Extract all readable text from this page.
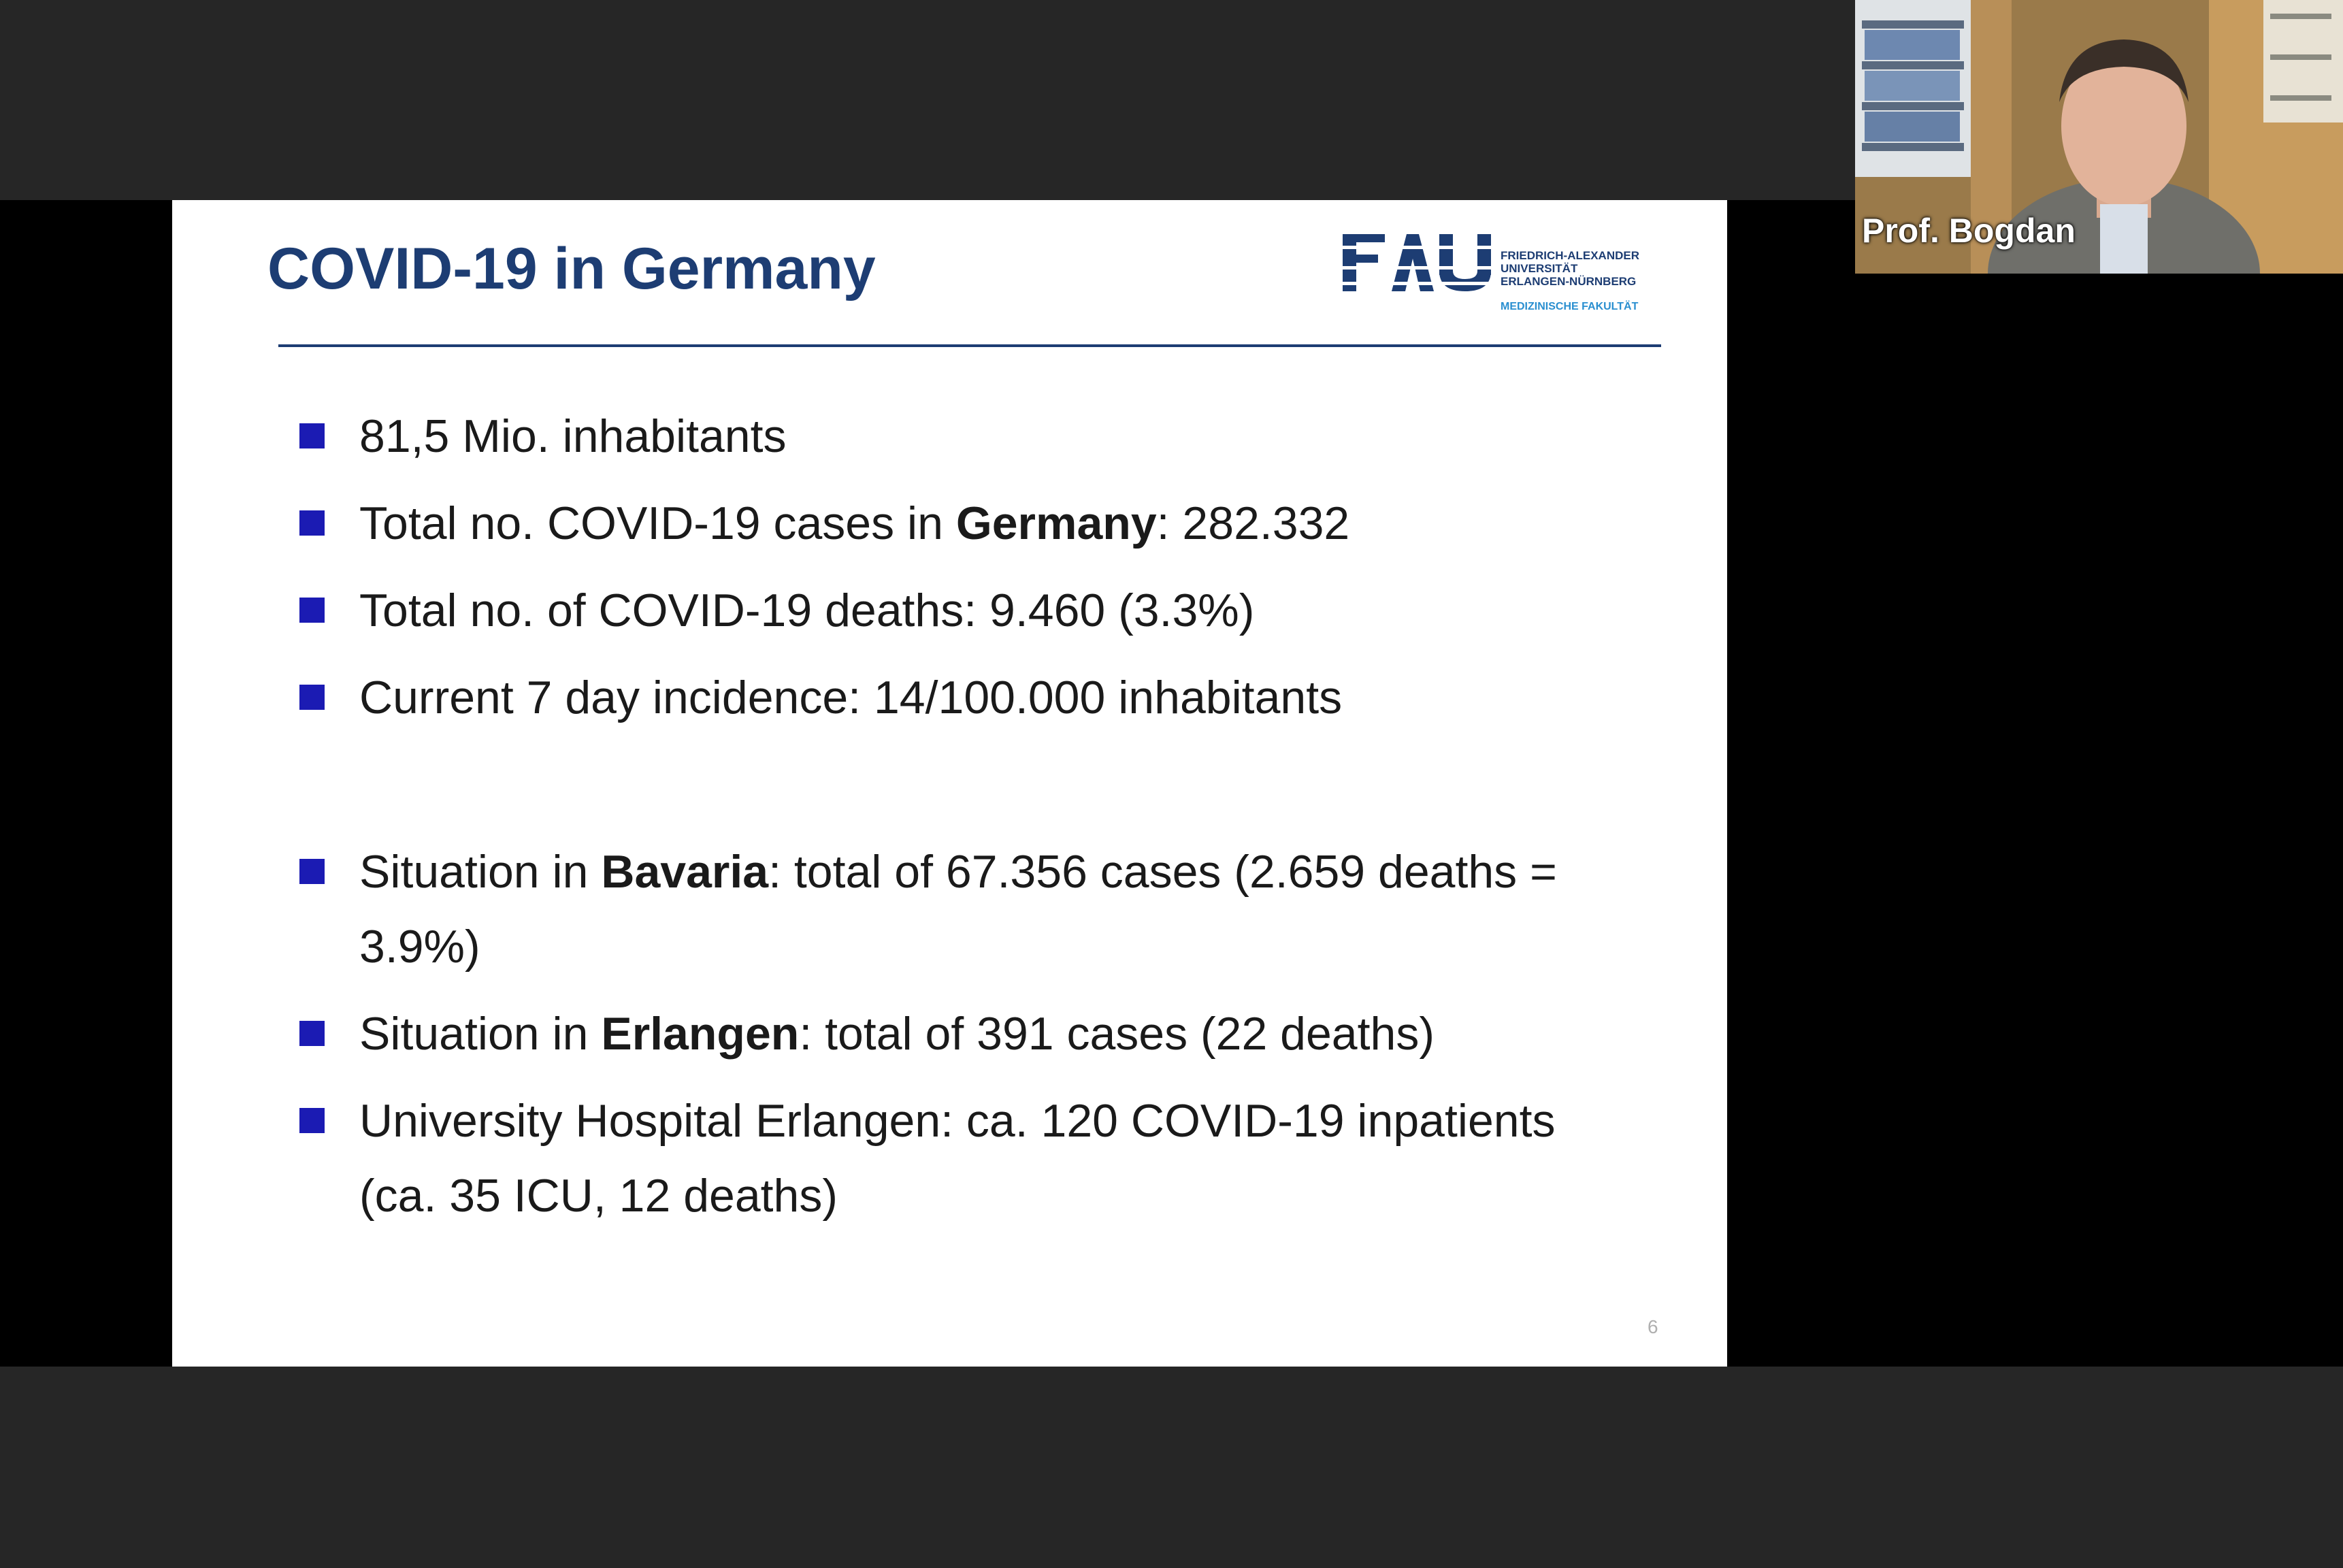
COVID-19 in Germany	FRIEDRICH-ALEXANDER
UNIVERSITÄT
ERLANGEN-NÜRNBERG
MEDIZINISCHE FAKULTÄT
81,5 Mio. inhabitants
Total no. COVID-19 cases in Germany: 282.332
Total no. of COVID-19 deaths: 9.460 (3.3%)
Current 7 day incidence: 14/100.000 inhabitants
Situation in Bavaria: total of 67.356 cases (2.659 deaths = 3.9%)
Situation in Erlangen: total of 391 cases (22 deaths)
University Hospital Erlangen: ca. 120 COVID-19 inpatients (ca. 35 ICU, 12 deaths)
6
Prof. Bogdan
